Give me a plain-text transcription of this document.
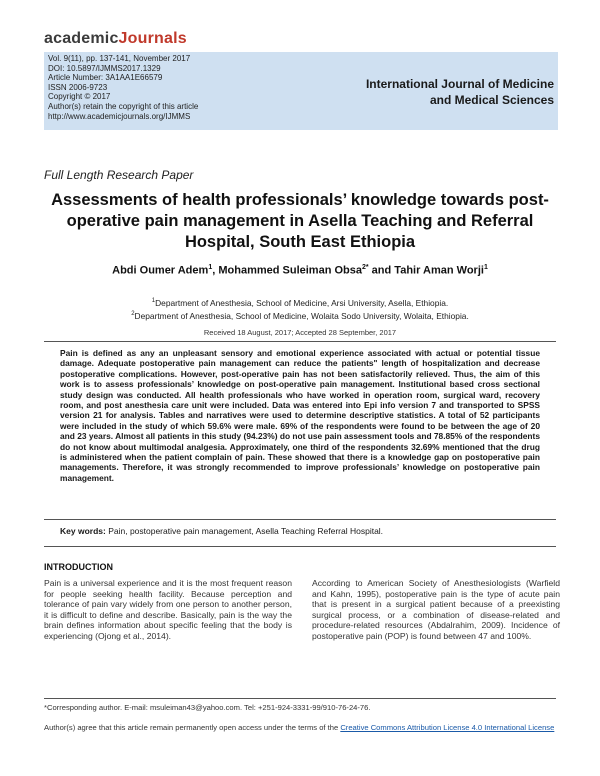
academicJournals
Vol. 9(11), pp. 137-141, November 2017
DOI: 10.5897/IJMMS2017.1329
Article Number: 3A1AA1E66579
ISSN 2006-9723
Copyright © 2017
Author(s) retain the copyright of this article
http://www.academicjournals.org/IJMMS
International Journal of Medicine
and Medical Sciences
Full Length Research Paper
Assessments of health professionals’ knowledge towards post-operative pain management in Asella Teaching and Referral Hospital, South East Ethiopia
Abdi Oumer Adem$^1$, Mohammed Suleiman Obsa$^{2*}$ and Tahir Aman Worji$^1$
$^1$Department of Anesthesia, School of Medicine, Arsi University, Asella, Ethiopia.
$^2$Department of Anesthesia, School of Medicine, Wolaita Sodo University, Wolaita, Ethiopia.
Received 18 August, 2017; Accepted 28 September, 2017
Pain is defined as any an unpleasant sensory and emotional experience associated with actual or potential tissue damage. Adequate postoperative pain management can reduce the patients" length of hospitalization and decrease postoperative complications. However, post-operative pain has not been satisfactorily relieved. Thus, the aim of this work is to assess professionals’ knowledge on post-operative pain management. Institutional based cross sectional study design was conducted. All health professionals who have worked in operation room, surgical ward, recovery room, and post anesthesia care unit were included. Data was entered into Epi info version 7 and transported to SPSS version 21 for analysis. Tables and narratives were used to determine descriptive statistics. A total of 52 participants were included in the study of which 59.6% were male. 69% of the respondents were found to be between the age of 20 and 23 years. Almost all patients in this study (94.23%) do not use pain assessment tools and 78.85% of the respondents do not know about multimodal analgesia. Approximately, one third of the respondents 32.69% mentioned that the drug is administered when the patient complain of pain. These showed that there is a knowledge gap on postoperative pain managements. Therefore, it was strongly recommended to improve professionals’ knowledge on postoperative pain management.
Key words: Pain, postoperative pain management, Asella Teaching Referral Hospital.
INTRODUCTION
Pain is a universal experience and it is the most frequent reason for people seeking health facility. Because perception and tolerance of pain vary widely from one person to another person, it is difficult to define and describe. Basically, pain is the way the brain defines information about specific feeling that the body is experiencing (Ojong et al., 2014).
According to American Society of Anesthesiologists (Warfield and Kahn, 1995), postoperative pain is the type of acute pain that is present in a surgical patient because of a preexisting surgical process, or a combination of disease-related and procedure-related resources (Abdalrahim, 2009). Incidence of postoperative pain (POP) is found between 47 and 100%.
*Corresponding author. E-mail: msuleiman43@yahoo.com. Tel: +251-924-3331-99/910-76-24-76.
Author(s) agree that this article remain permanently open access under the terms of the Creative Commons Attribution License 4.0 International License
